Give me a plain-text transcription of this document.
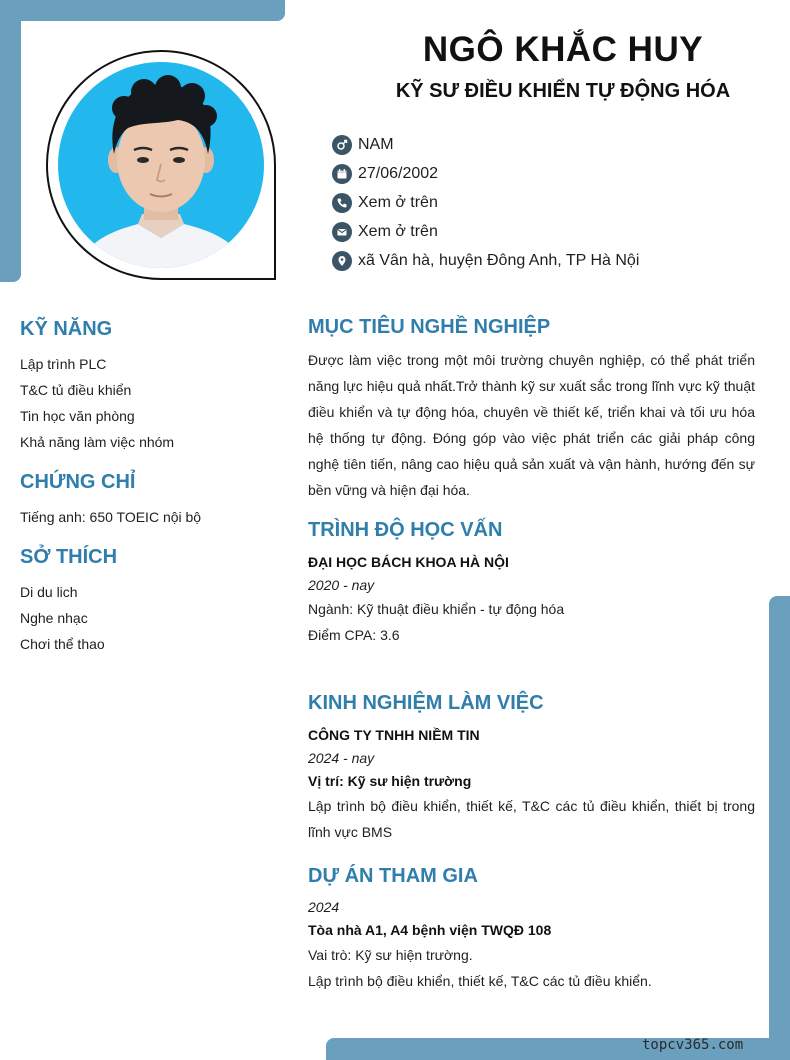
NGÔ KHẮC HUY
KỸ SƯ ĐIỀU KHIỂN TỰ ĐỘNG HÓA
NAM
27/06/2002
Xem ở trên
Xem ở trên
xã Vân hà, huyện Đông Anh, TP Hà Nội
KỸ NĂNG
Lập trình PLC
T&C tủ điều khiển
Tin học văn phòng
Khả năng làm việc nhóm
CHỨNG CHỈ
Tiếng anh: 650 TOEIC nội bộ
SỞ THÍCH
Di du lich
Nghe nhạc
Chơi thể thao
MỤC TIÊU NGHỀ NGHIỆP
Được làm việc trong một môi trường chuyên nghiệp, có thể phát triển năng lực hiệu quả nhất.Trở thành kỹ sư xuất sắc trong lĩnh vực kỹ thuật điều khiển và tự động hóa, chuyên về thiết kế, triển khai và tối ưu hóa hệ thống tự động. Đóng góp vào việc phát triển các giải pháp công nghệ tiên tiến, nâng cao hiệu quả sản xuất và vận hành, hướng đến sự bền vững và hiện đại hóa.
TRÌNH ĐỘ HỌC VẤN
ĐẠI HỌC BÁCH KHOA HÀ NỘI
2020 - nay
Ngành: Kỹ thuật điều khiển - tự động hóa
Điểm CPA: 3.6
KINH NGHIỆM LÀM VIỆC
CÔNG TY TNHH NIỀM TIN
2024 - nay
Vị trí: Kỹ sư hiện trường
Lập trình bộ điều khiển, thiết kế, T&C các tủ điều khiển, thiết bị trong lĩnh vực BMS
DỰ ÁN THAM GIA
2024
Tòa nhà A1, A4 bệnh viện TWQĐ 108
Vai trò: Kỹ sư hiện trường.
Lập trình bộ điều khiển, thiết kế, T&C các tủ điều khiển.
topcv365.com
